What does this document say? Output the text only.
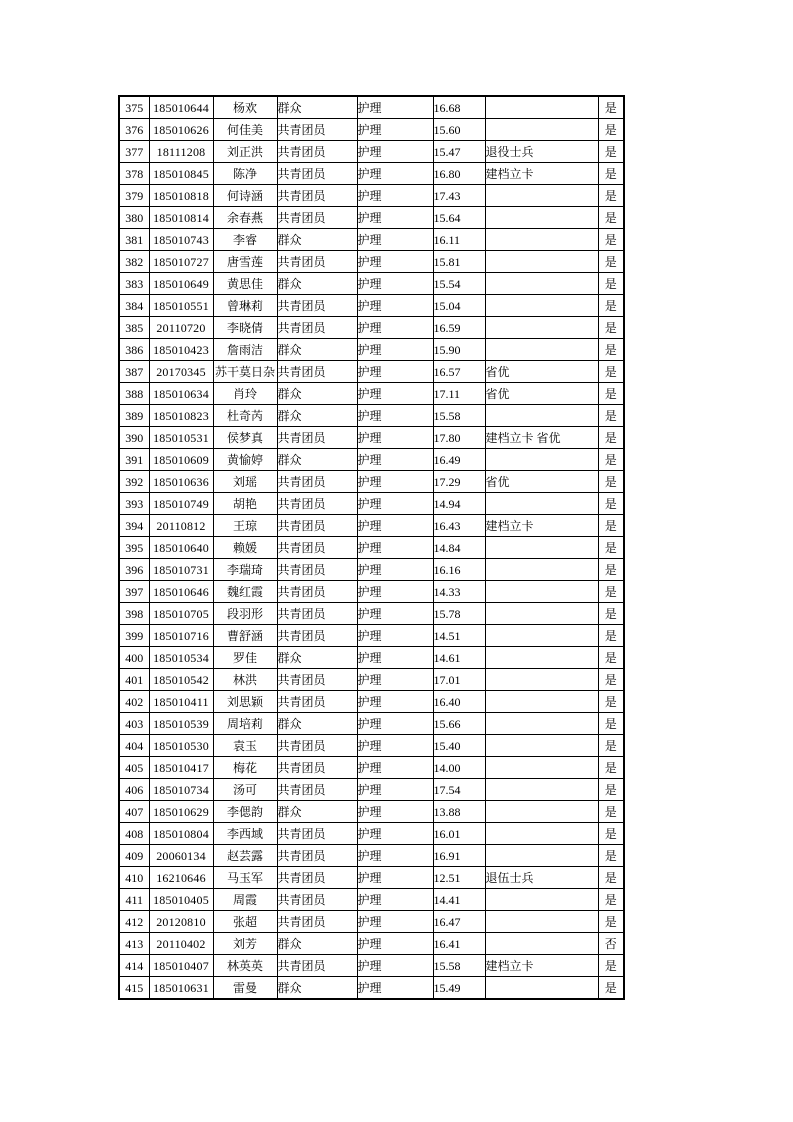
375	185010644	杨欢	群众	护理	16.68		是
376	185010626	何佳美	共青团员	护理	15.60		是
377	18111208	刘正洪	共青团员	护理	15.47	退役士兵	是
378	185010845	陈净	共青团员	护理	16.80	建档立卡	是
379	185010818	何诗涵	共青团员	护理	17.43		是
380	185010814	余春燕	共青团员	护理	15.64		是
381	185010743	李睿	群众	护理	16.11		是
382	185010727	唐雪莲	共青团员	护理	15.81		是
383	185010649	黄思佳	群众	护理	15.54		是
384	185010551	曾琳莉	共青团员	护理	15.04		是
385	20110720	李晓倩	共青团员	护理	16.59		是
386	185010423	詹雨洁	群众	护理	15.90		是
387	20170345	苏干莫日杂	共青团员	护理	16.57	省优	是
388	185010634	肖玲	群众	护理	17.11	省优	是
389	185010823	杜奇芮	群众	护理	15.58		是
390	185010531	侯梦真	共青团员	护理	17.80	建档立卡 省优	是
391	185010609	黄愉婷	群众	护理	16.49		是
392	185010636	刘瑶	共青团员	护理	17.29	省优	是
393	185010749	胡艳	共青团员	护理	14.94		是
394	20110812	王琼	共青团员	护理	16.43	建档立卡	是
395	185010640	赖媛	共青团员	护理	14.84		是
396	185010731	李瑞琦	共青团员	护理	16.16		是
397	185010646	魏红霞	共青团员	护理	14.33		是
398	185010705	段羽形	共青团员	护理	15.78		是
399	185010716	曹舒涵	共青团员	护理	14.51		是
400	185010534	罗佳	群众	护理	14.61		是
401	185010542	林洪	共青团员	护理	17.01		是
402	185010411	刘思颖	共青团员	护理	16.40		是
403	185010539	周培莉	群众	护理	15.66		是
404	185010530	袁玉	共青团员	护理	15.40		是
405	185010417	梅花	共青团员	护理	14.00		是
406	185010734	汤可	共青团员	护理	17.54		是
407	185010629	李偲韵	群众	护理	13.88		是
408	185010804	李西域	共青团员	护理	16.01		是
409	20060134	赵芸露	共青团员	护理	16.91		是
410	16210646	马玉军	共青团员	护理	12.51	退伍士兵	是
411	185010405	周霞	共青团员	护理	14.41		是
412	20120810	张超	共青团员	护理	16.47		是
413	20110402	刘芳	群众	护理	16.41		否
414	185010407	林英英	共青团员	护理	15.58	建档立卡	是
415	185010631	雷曼	群众	护理	15.49		是
